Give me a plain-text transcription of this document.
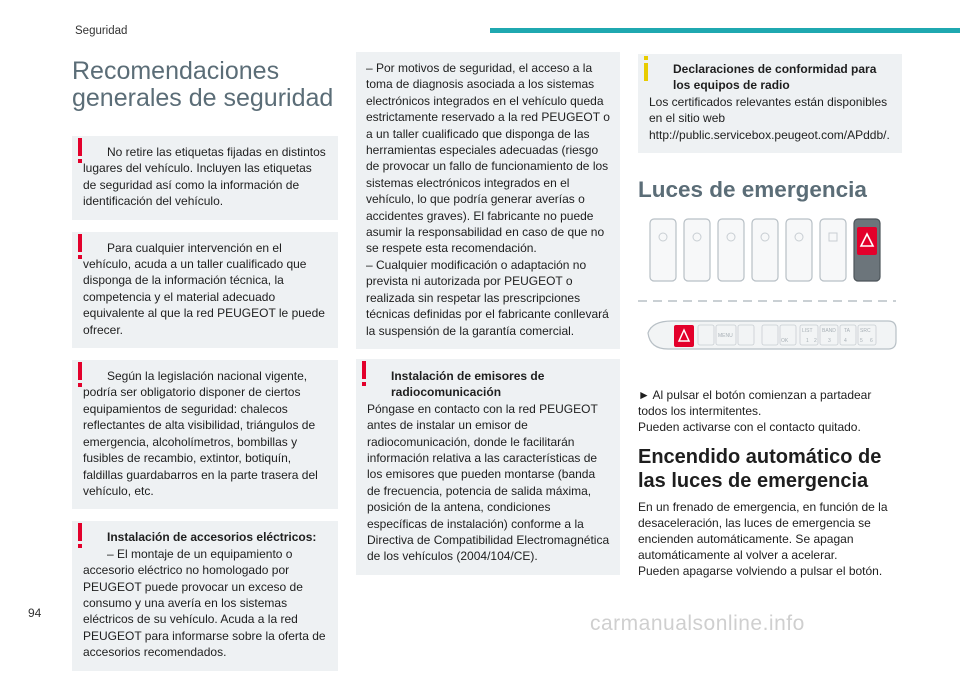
Seguridad
Recomendaciones generales de seguridad
No retire las etiquetas fijadas en distintos lugares del vehículo. Incluyen las etiquetas de seguridad así como la información de identificación del vehículo.
Para cualquier intervención en el vehículo, acuda a un taller cualificado que disponga de la información técnica, la competencia y el material adecuado equivalente al que la red PEUGEOT le puede ofrecer.
Según la legislación nacional vigente, podría ser obligatorio disponer de ciertos equipamientos de seguridad: chalecos reflectantes de alta visibilidad, triángulos de emergencia, alcoholímetros, bombillas y fusibles de recambio, extintor, botiquín, faldillas guardabarros en la parte trasera del vehículo, etc.
Instalación de accesorios eléctricos:
– El montaje de un equipamiento o accesorio eléctrico no homologado por PEUGEOT puede provocar un exceso de consumo y una avería en los sistemas eléctricos de su vehículo. Acuda a la red PEUGEOT para informarse sobre la oferta de accesorios recomendados.
– Por motivos de seguridad, el acceso a la toma de diagnosis asociada a los sistemas electrónicos integrados en el vehículo queda estrictamente reservado a la red PEUGEOT o a un taller cualificado que disponga de las herramientas especiales adecuadas (riesgo de provocar un fallo de funcionamiento de los sistemas electrónicos integrados en el vehículo, lo que podría generar averías o accidentes graves). El fabricante no puede asumir la responsabilidad en caso de que no se respete esta recomendación.
– Cualquier modificación o adaptación no prevista ni autorizada por PEUGEOT o realizada sin respetar las prescripciones técnicas definidas por el fabricante conllevará la suspensión de la garantía comercial.
Instalación de emisores de radiocomunicación
Póngase en contacto con la red PEUGEOT antes de instalar un emisor de radiocomunicación, donde le facilitarán información relativa a las características de los emisores que pueden montarse (banda de frecuencia, potencia de salida máxima, posición de la antena, condiciones específicas de instalación) conforme a la Directiva de Compatibilidad Electromagnética de los vehículos (2004/104/CE).
Declaraciones de conformidad para los equipos de radio
Los certificados relevantes están disponibles en el sitio web http://public.servicebox.peugeot.com/APddb/.
Luces de emergencia
MENU
OK
LIST BAND TA SRC
1 2 3	4	5 6
► Al pulsar el botón comienzan a partadear todos los intermitentes.
Pueden activarse con el contacto quitado.
Encendido automático de las luces de emergencia
En un frenado de emergencia, en función de la desaceleración, las luces de emergencia se encienden automáticamente. Se apagan automáticamente al volver a acelerar.
Pueden apagarse volviendo a pulsar el botón.
94	carmanualsonline.info
